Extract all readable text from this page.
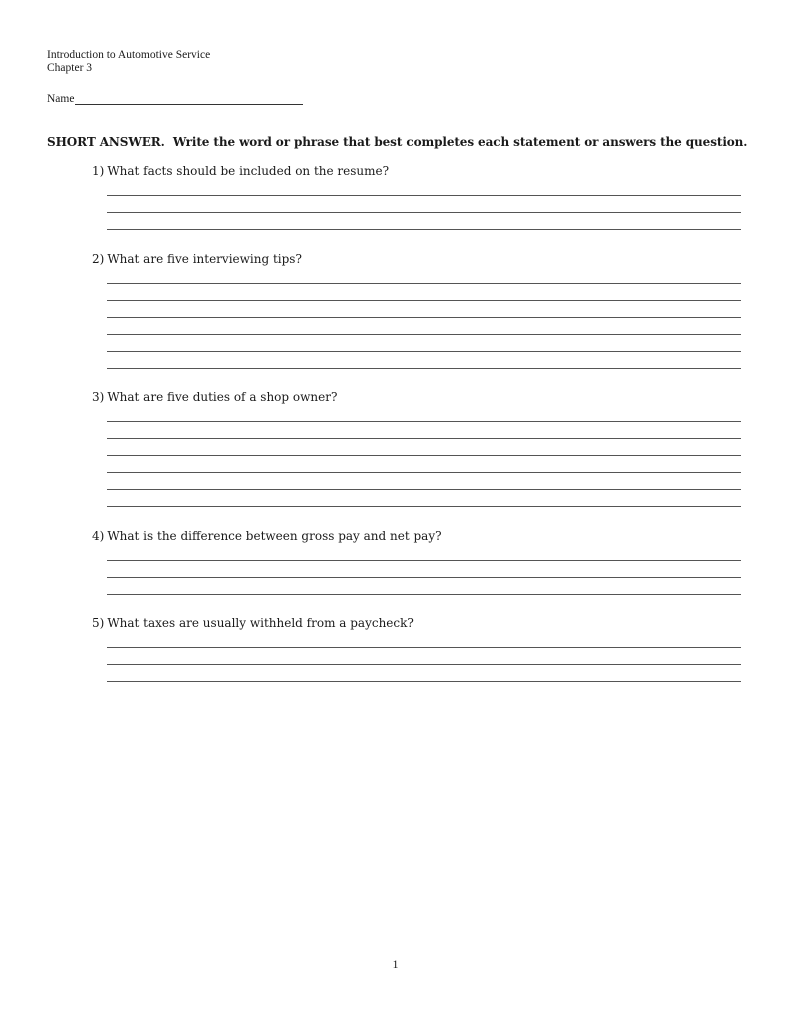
Introduction to Automotive Service
Chapter 3
Name
SHORT ANSWER. Write the word or phrase that best completes each statement or answers the question.
1) What facts should be included on the resume?
2) What are five interviewing tips?
3) What are five duties of a shop owner?
4) What is the difference between gross pay and net pay?
5) What taxes are usually withheld from a paycheck?
1
